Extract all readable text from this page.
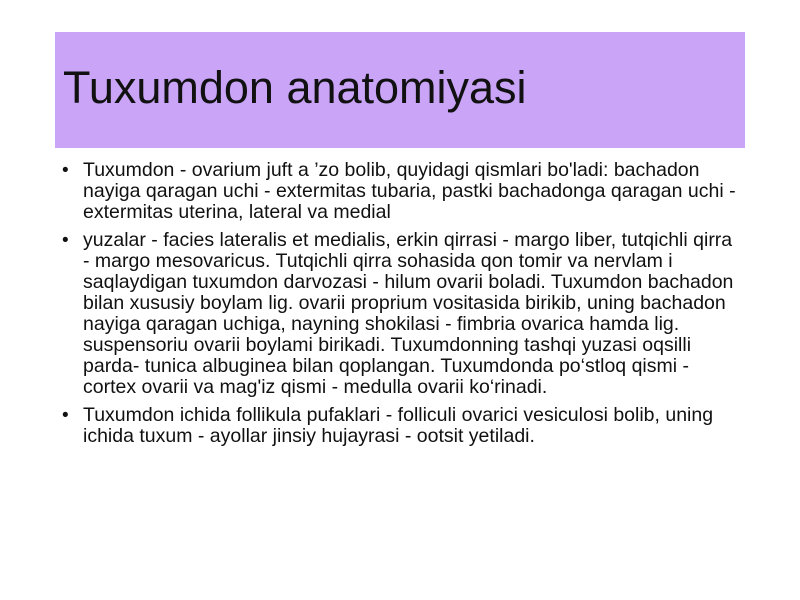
Tuxumdon anatomiyasi
• Tuxumdon - ovarium juft a ’zo bolib, quyidagi qismlari bo'ladi: bachadon nayiga qaragan uchi - extermitas tubaria, pastki bachadonga qaragan uchi - extermitas uterina, lateral va medial
• yuzalar - facies lateralis et medialis, erkin qirrasi - margo liber, tutqichli qirra - margo mesovaricus. Tutqichli qirra sohasida qon tomir va nervlam i saqlaydigan tuxumdon darvozasi - hilum ovarii boladi. Tuxumdon bachadon bilan xususiy boylam lig. ovarii proprium vositasida birikib, uning bachadon nayiga qaragan uchiga, nayning shokilasi - fimbria ovarica hamda lig. suspensoriu ovarii boylami birikadi. Tuxumdonning tashqi yuzasi oqsilli parda- tunica albuginea bilan qoplangan. Tuxumdonda po‘stloq qismi - cortex ovarii va mag'iz qismi - medulla ovarii ko‘rinadi.
• Tuxumdon ichida follikula pufaklari - folliculi ovarici vesiculosi bolib, uning ichida tuxum - ayollar jinsiy hujayrasi - ootsit yetiladi.
